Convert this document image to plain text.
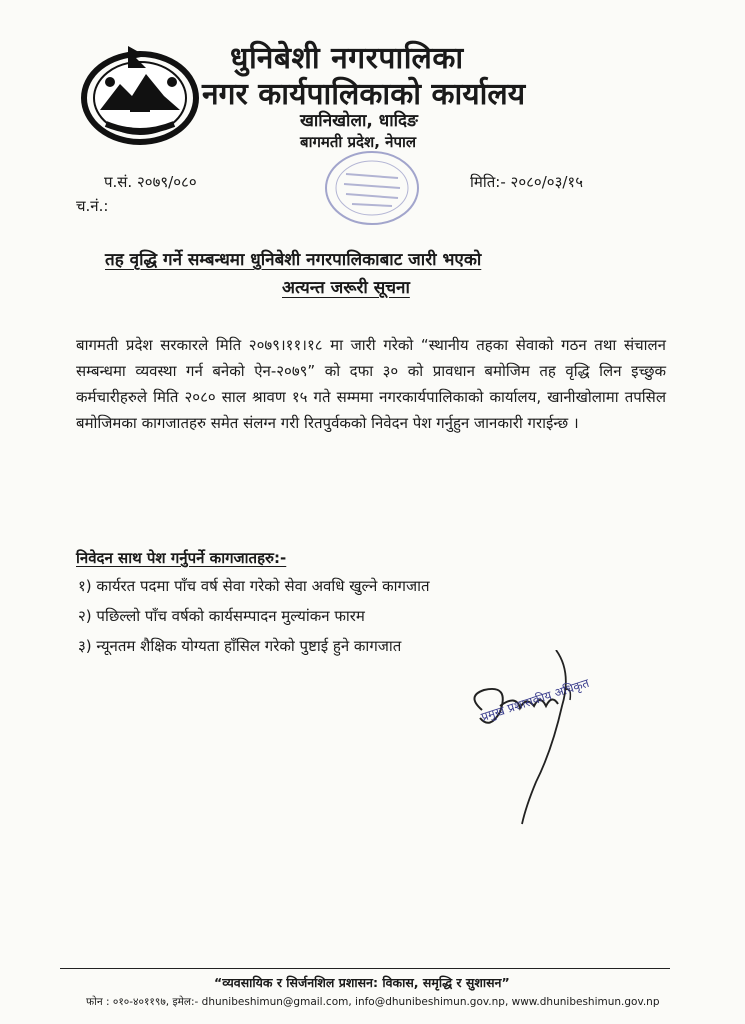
धुनिबेशी नगरपालिका
नगर कार्यपालिकाको कार्यालय
खानिखोला, धादिङ
बागमती प्रदेश, नेपाल
प.सं. २०७९/०८०
च.नं.:
मिति:- २०८०/०३/१५
तह वृद्धि गर्ने सम्बन्धमा धुनिबेशी नगरपालिकाबाट जारी भएको
अत्यन्त जरूरी सूचना
बागमती प्रदेश सरकारले मिति २०७९।११।१८ मा जारी गरेको “स्थानीय तहका सेवाको गठन तथा संचालन सम्बन्धमा व्यवस्था गर्न बनेको ऐन-२०७९” को दफा ३० को प्रावधान बमोजिम तह वृद्धि लिन इच्छुक कर्मचारीहरुले मिति २०८० साल श्रावण १५ गते सम्ममा नगरकार्यपालिकाको कार्यालय, खानीखोलामा तपसिल बमोजिमका कागजातहरु समेत संलग्न गरी रितपुर्वकको निवेदन पेश गर्नुहुन जानकारी गराईन्छ ।
निवेदन साथ पेश गर्नुपर्ने कागजातहरु:-
१) कार्यरत पदमा पाँच वर्ष सेवा गरेको सेवा अवधि खुल्ने कागजात
२) पछिल्लो पाँच वर्षको कार्यसम्पादन मुल्यांकन फारम
३) न्यूनतम शैक्षिक योग्यता हाँसिल गरेको पुष्टाई हुने कागजात
प्रमुख प्रशासकीय अधिकृत
“व्यवसायिक र सिर्जनशिल प्रशासन: विकास, समृद्धि र सुशासन”
फोन : ०१०-४०११९७, इमेल:- dhunibeshimun@gmail.com, info@dhunibeshimun.gov.np, www.dhunibeshimun.gov.np
